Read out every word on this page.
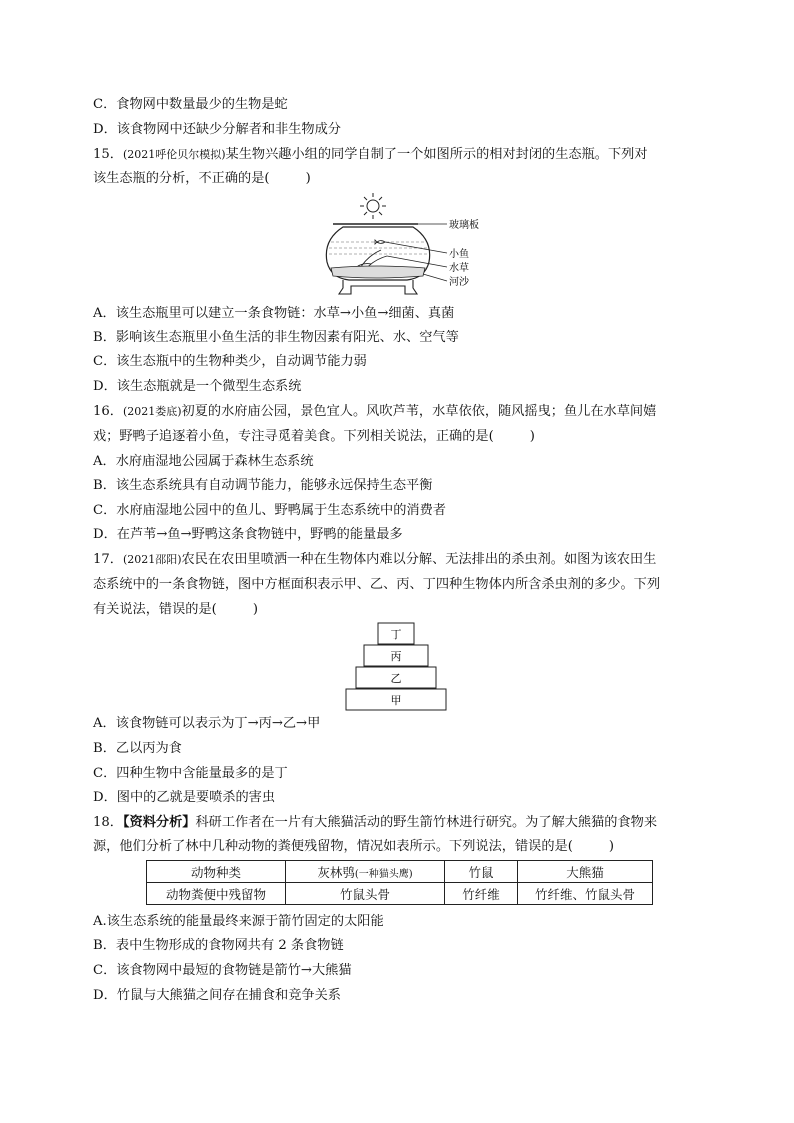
C．食物网中数量最少的生物是蛇
D．该食物网中还缺少分解者和非生物成分
15．(2021呼伦贝尔模拟)某生物兴趣小组的同学自制了一个如图所示的相对封闭的生态瓶。下列对
该生态瓶的分析，不正确的是(	)
玻璃板
小鱼
水草
河沙
A．该生态瓶里可以建立一条食物链：水草→小鱼→细菌、真菌
B．影响该生态瓶里小鱼生活的非生物因素有阳光、水、空气等
C．该生态瓶中的生物种类少，自动调节能力弱
D．该生态瓶就是一个微型生态系统
16．(2021娄底)初夏的水府庙公园，景色宜人。风吹芦苇，水草依依，随风摇曳；鱼儿在水草间嬉
戏；野鸭子追逐着小鱼，专注寻觅着美食。下列相关说法，正确的是(	)
A．水府庙湿地公园属于森林生态系统
B．该生态系统具有自动调节能力，能够永远保持生态平衡
C．水府庙湿地公园中的鱼儿、野鸭属于生态系统中的消费者
D．在芦苇→鱼→野鸭这条食物链中，野鸭的能量最多
17．(2021邵阳)农民在农田里喷洒一种在生物体内难以分解、无法排出的杀虫剂。如图为该农田生
态系统中的一条食物链，图中方框面积表示甲、乙、丙、丁四种生物体内所含杀虫剂的多少。下列
有关说法，错误的是(	)
丁
丙
乙
甲
A．该食物链可以表示为丁→丙→乙→甲
B．乙以丙为食
C．四种生物中含能量最多的是丁
D．图中的乙就是要喷杀的害虫
18．【资料分析】科研工作者在一片有大熊猫活动的野生箭竹林进行研究。为了解大熊猫的食物来
源，他们分析了林中几种动物的粪便残留物，情况如表所示。下列说法，错误的是(	)
动物种类	灰林鸮(一种猫头鹰)	竹鼠	大熊猫
动物粪便中残留物	竹鼠头骨	竹纤维	竹纤维、竹鼠头骨
A.该生态系统的能量最终来源于箭竹固定的太阳能
B．表中生物形成的食物网共有 2 条食物链
C．该食物网中最短的食物链是箭竹→大熊猫
D．竹鼠与大熊猫之间存在捕食和竞争关系
